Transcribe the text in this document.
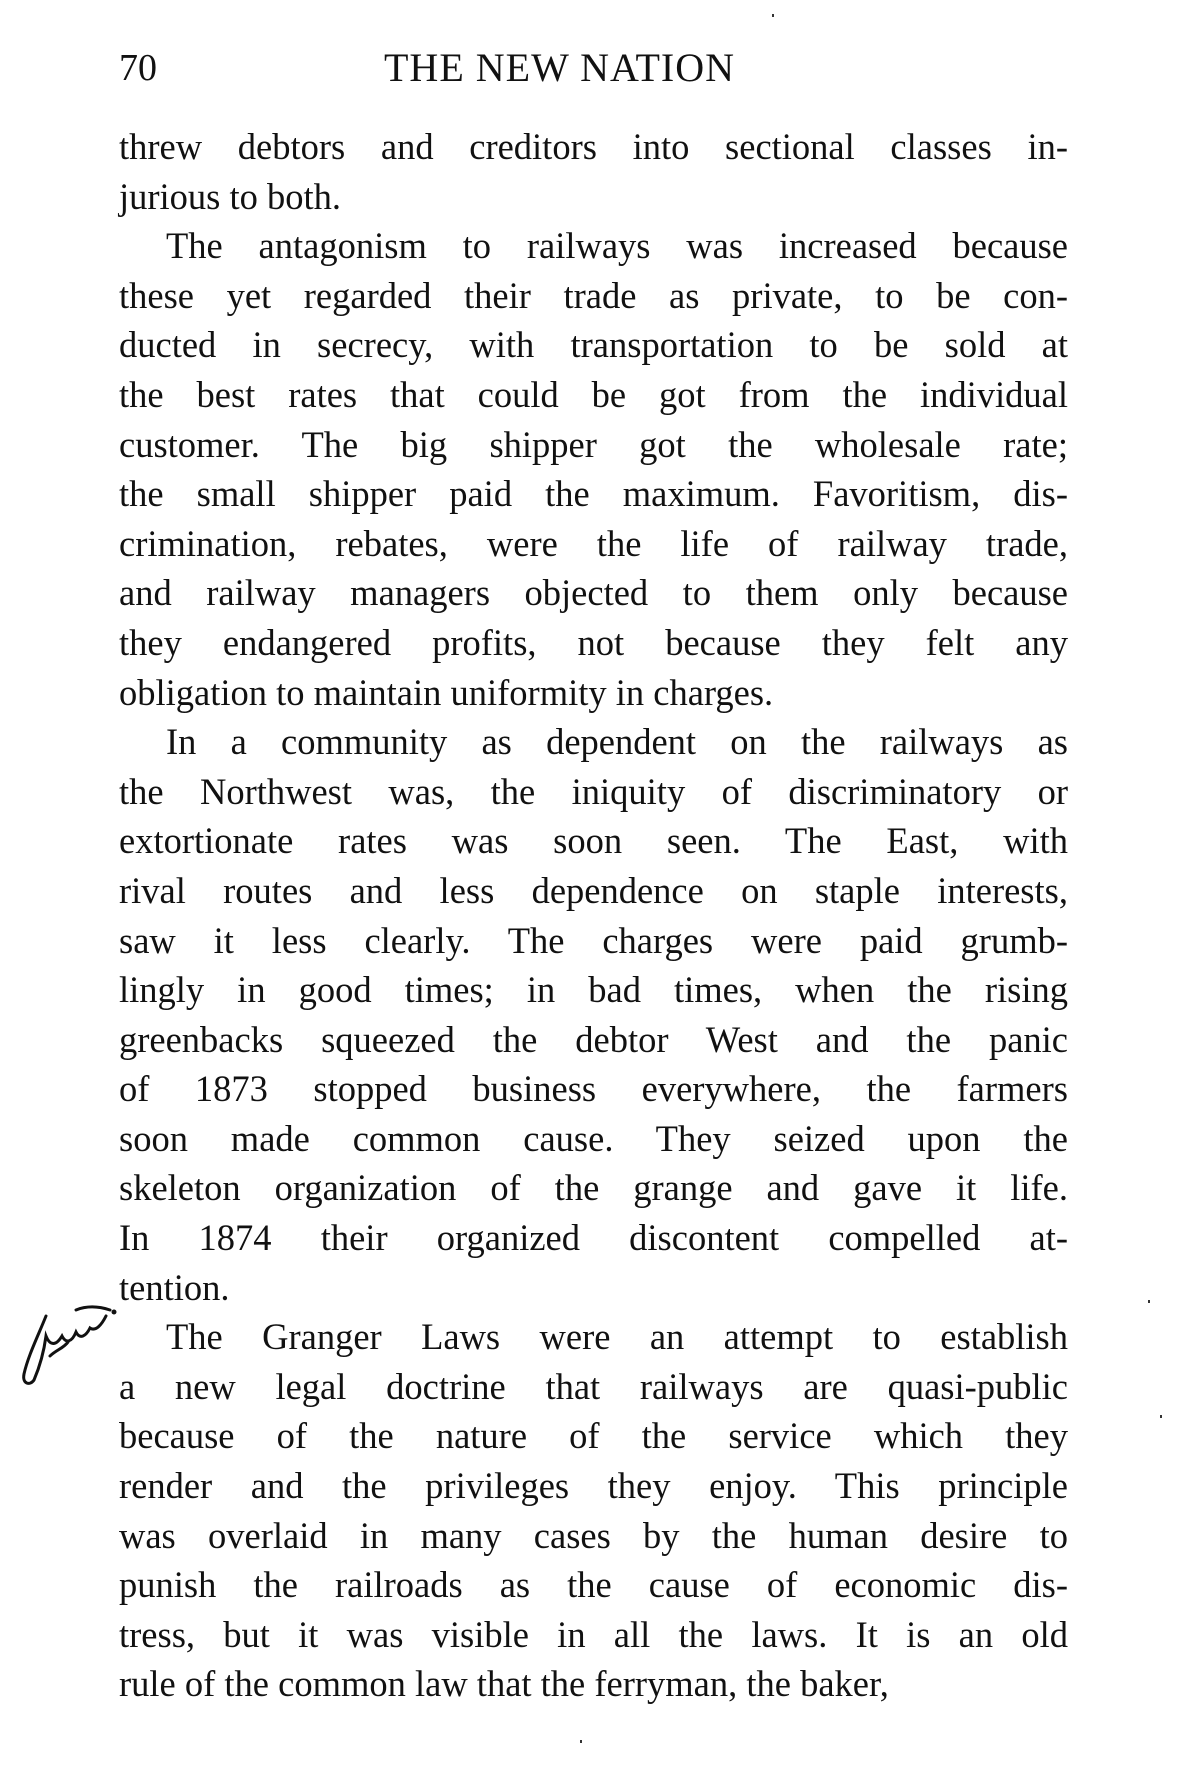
70	THE NEW NATION
threw debtors and creditors into sectional classes in-
jurious to both.
The antagonism to railways was increased because
these yet regarded their trade as private, to be con-
ducted in secrecy, with transportation to be sold at
the best rates that could be got from the individual
customer. The big shipper got the wholesale rate;
the small shipper paid the maximum. Favoritism, dis-
crimination, rebates, were the life of railway trade,
and railway managers objected to them only because
they endangered profits, not because they felt any
obligation to maintain uniformity in charges.
In a community as dependent on the railways as
the Northwest was, the iniquity of discriminatory or
extortionate rates was soon seen. The East, with
rival routes and less dependence on staple interests,
saw it less clearly. The charges were paid grumb-
lingly in good times; in bad times, when the rising
greenbacks squeezed the debtor West and the panic
of 1873 stopped business everywhere, the farmers
soon made common cause. They seized upon the
skeleton organization of the grange and gave it life.
In 1874 their organized discontent compelled at-
tention.
The Granger Laws were an attempt to establish
a new legal doctrine that railways are quasi-public
because of the nature of the service which they
render and the privileges they enjoy. This principle
was overlaid in many cases by the human desire to
punish the railroads as the cause of economic dis-
tress, but it was visible in all the laws. It is an old
rule of the common law that the ferryman, the baker,
